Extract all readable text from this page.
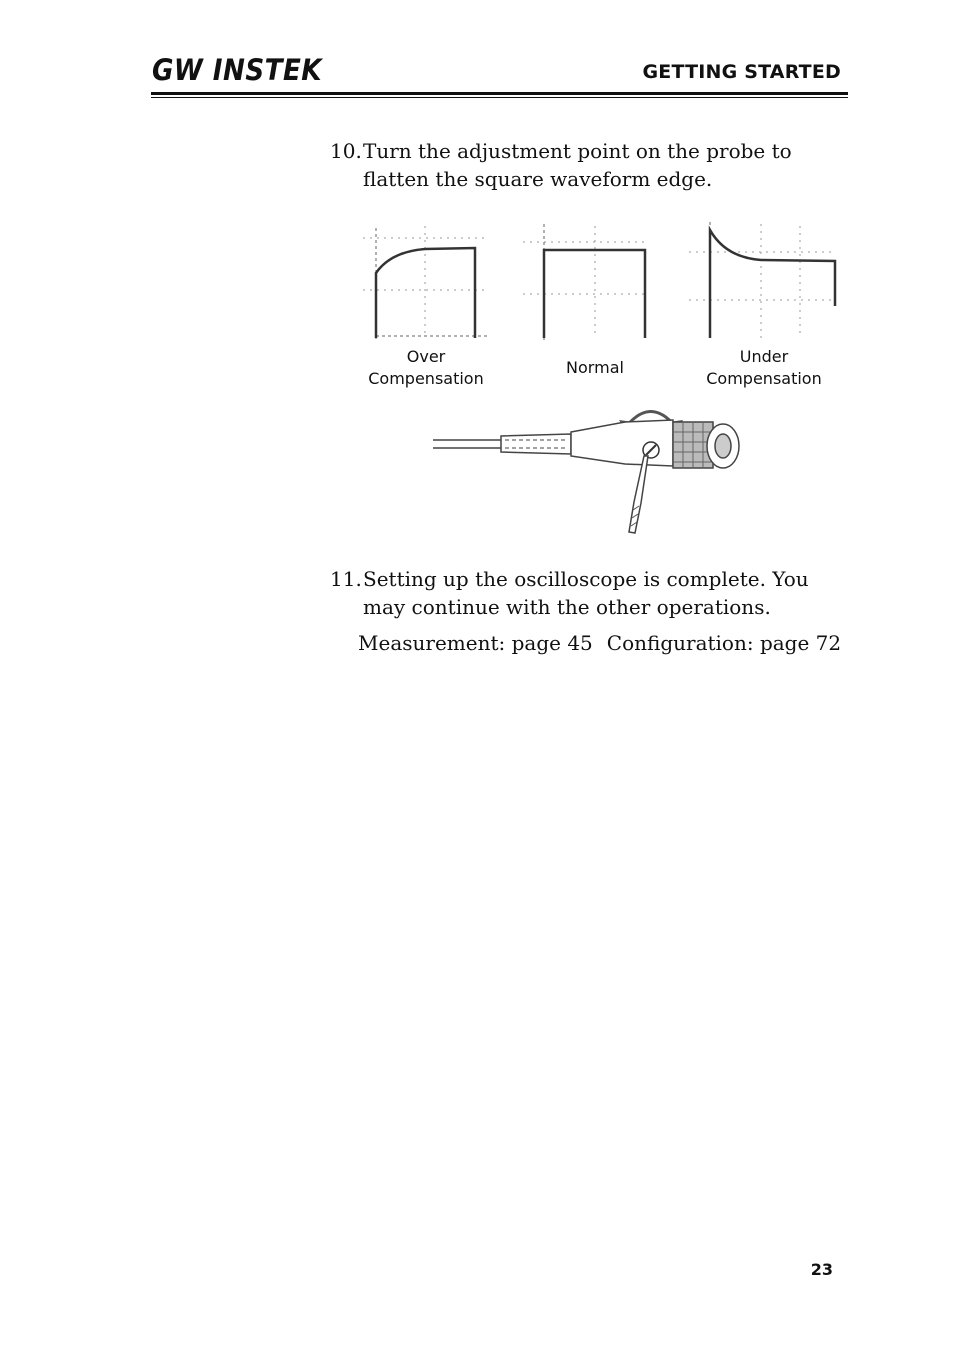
GW INSTEK	GETTING STARTED
10. Turn the adjustment point on the probe to flatten the square waveform edge.
Over
Compensation
Normal
Under
Compensation
11. Setting up the oscilloscope is complete. You may continue with the other operations.
Measurement: page 45 Configuration: page 72
23
